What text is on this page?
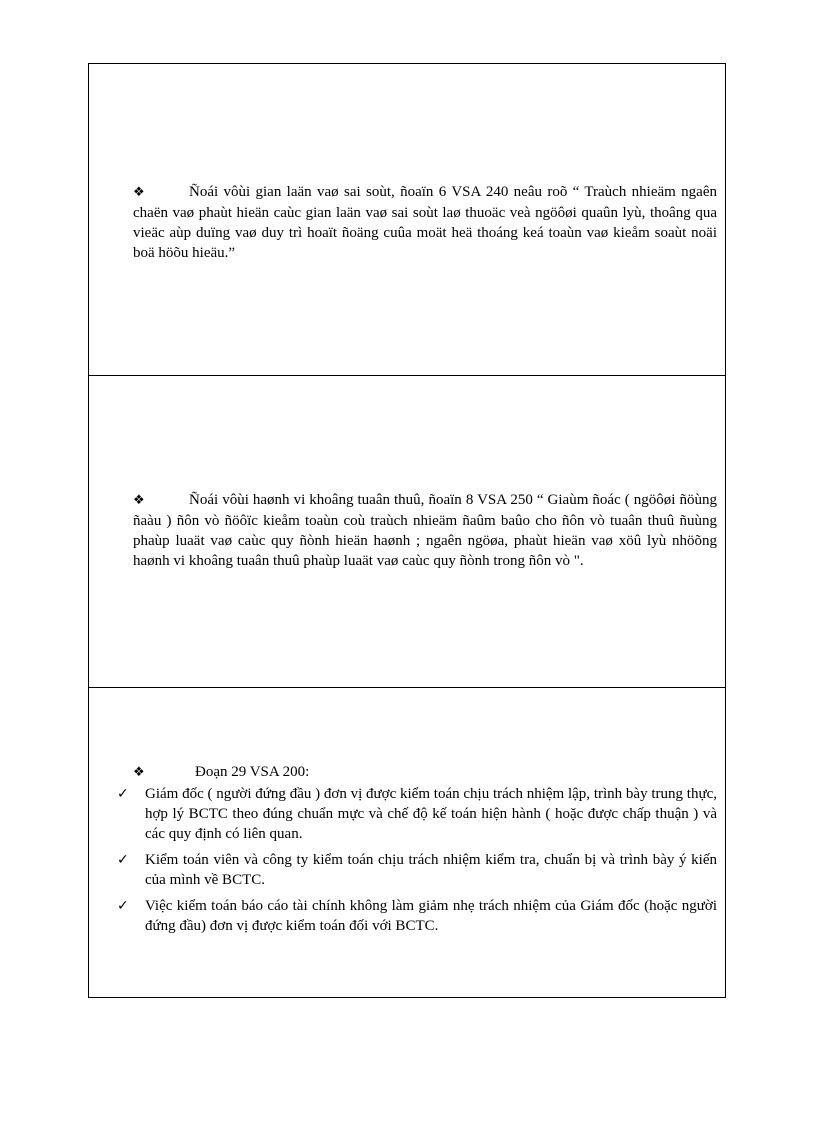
❖	Ñoái vôùi gian laän vaø sai soùt, ñoaïn 6 VSA 240 neâu roõ “ Traùch nhieäm ngaên chaën vaø phaùt hieän caùc gian laän vaø sai soùt laø thuoäc veà ngöôøi quaûn lyù, thoâng qua vieäc aùp duïng vaø duy trì hoaït ñoäng cuûa moät heä thoáng keá toaùn vaø kieåm soaùt noäi boä höõu hieäu.”
❖	Ñoái vôùi haønh vi khoâng tuaân thuû, ñoaïn 8 VSA 250 “ Giaùm ñoác ( ngöôøi ñöùng ñaàu ) ñôn vò ñöôïc kieåm toaùn coù traùch nhieäm ñaûm baûo cho ñôn vò tuaân thuû ñuùng phaùp luaät vaø caùc quy ñònh hieän haønh ; ngaên ngöøa, phaùt hieän vaø xöû lyù nhöõng haønh vi khoâng tuaân thuû phaùp luaät vaø caùc quy ñònh trong ñôn vò ".
❖	Đoạn 29 VSA 200:
✓ Giám đốc ( người đứng đầu ) đơn vị được kiểm toán chịu trách nhiệm lập, trình bày trung thực, hợp lý BCTC theo đúng chuẩn mực và chế độ kế toán hiện hành ( hoặc được chấp thuận ) và các quy định có liên quan.
✓ Kiểm toán viên và công ty kiểm toán chịu trách nhiệm kiểm tra, chuẩn bị và trình bày ý kiến của mình về BCTC.
✓ Việc kiểm toán báo cáo tài chính không làm giảm nhẹ trách nhiệm của Giám đốc (hoặc người đứng đầu) đơn vị được kiểm toán đối với BCTC.
